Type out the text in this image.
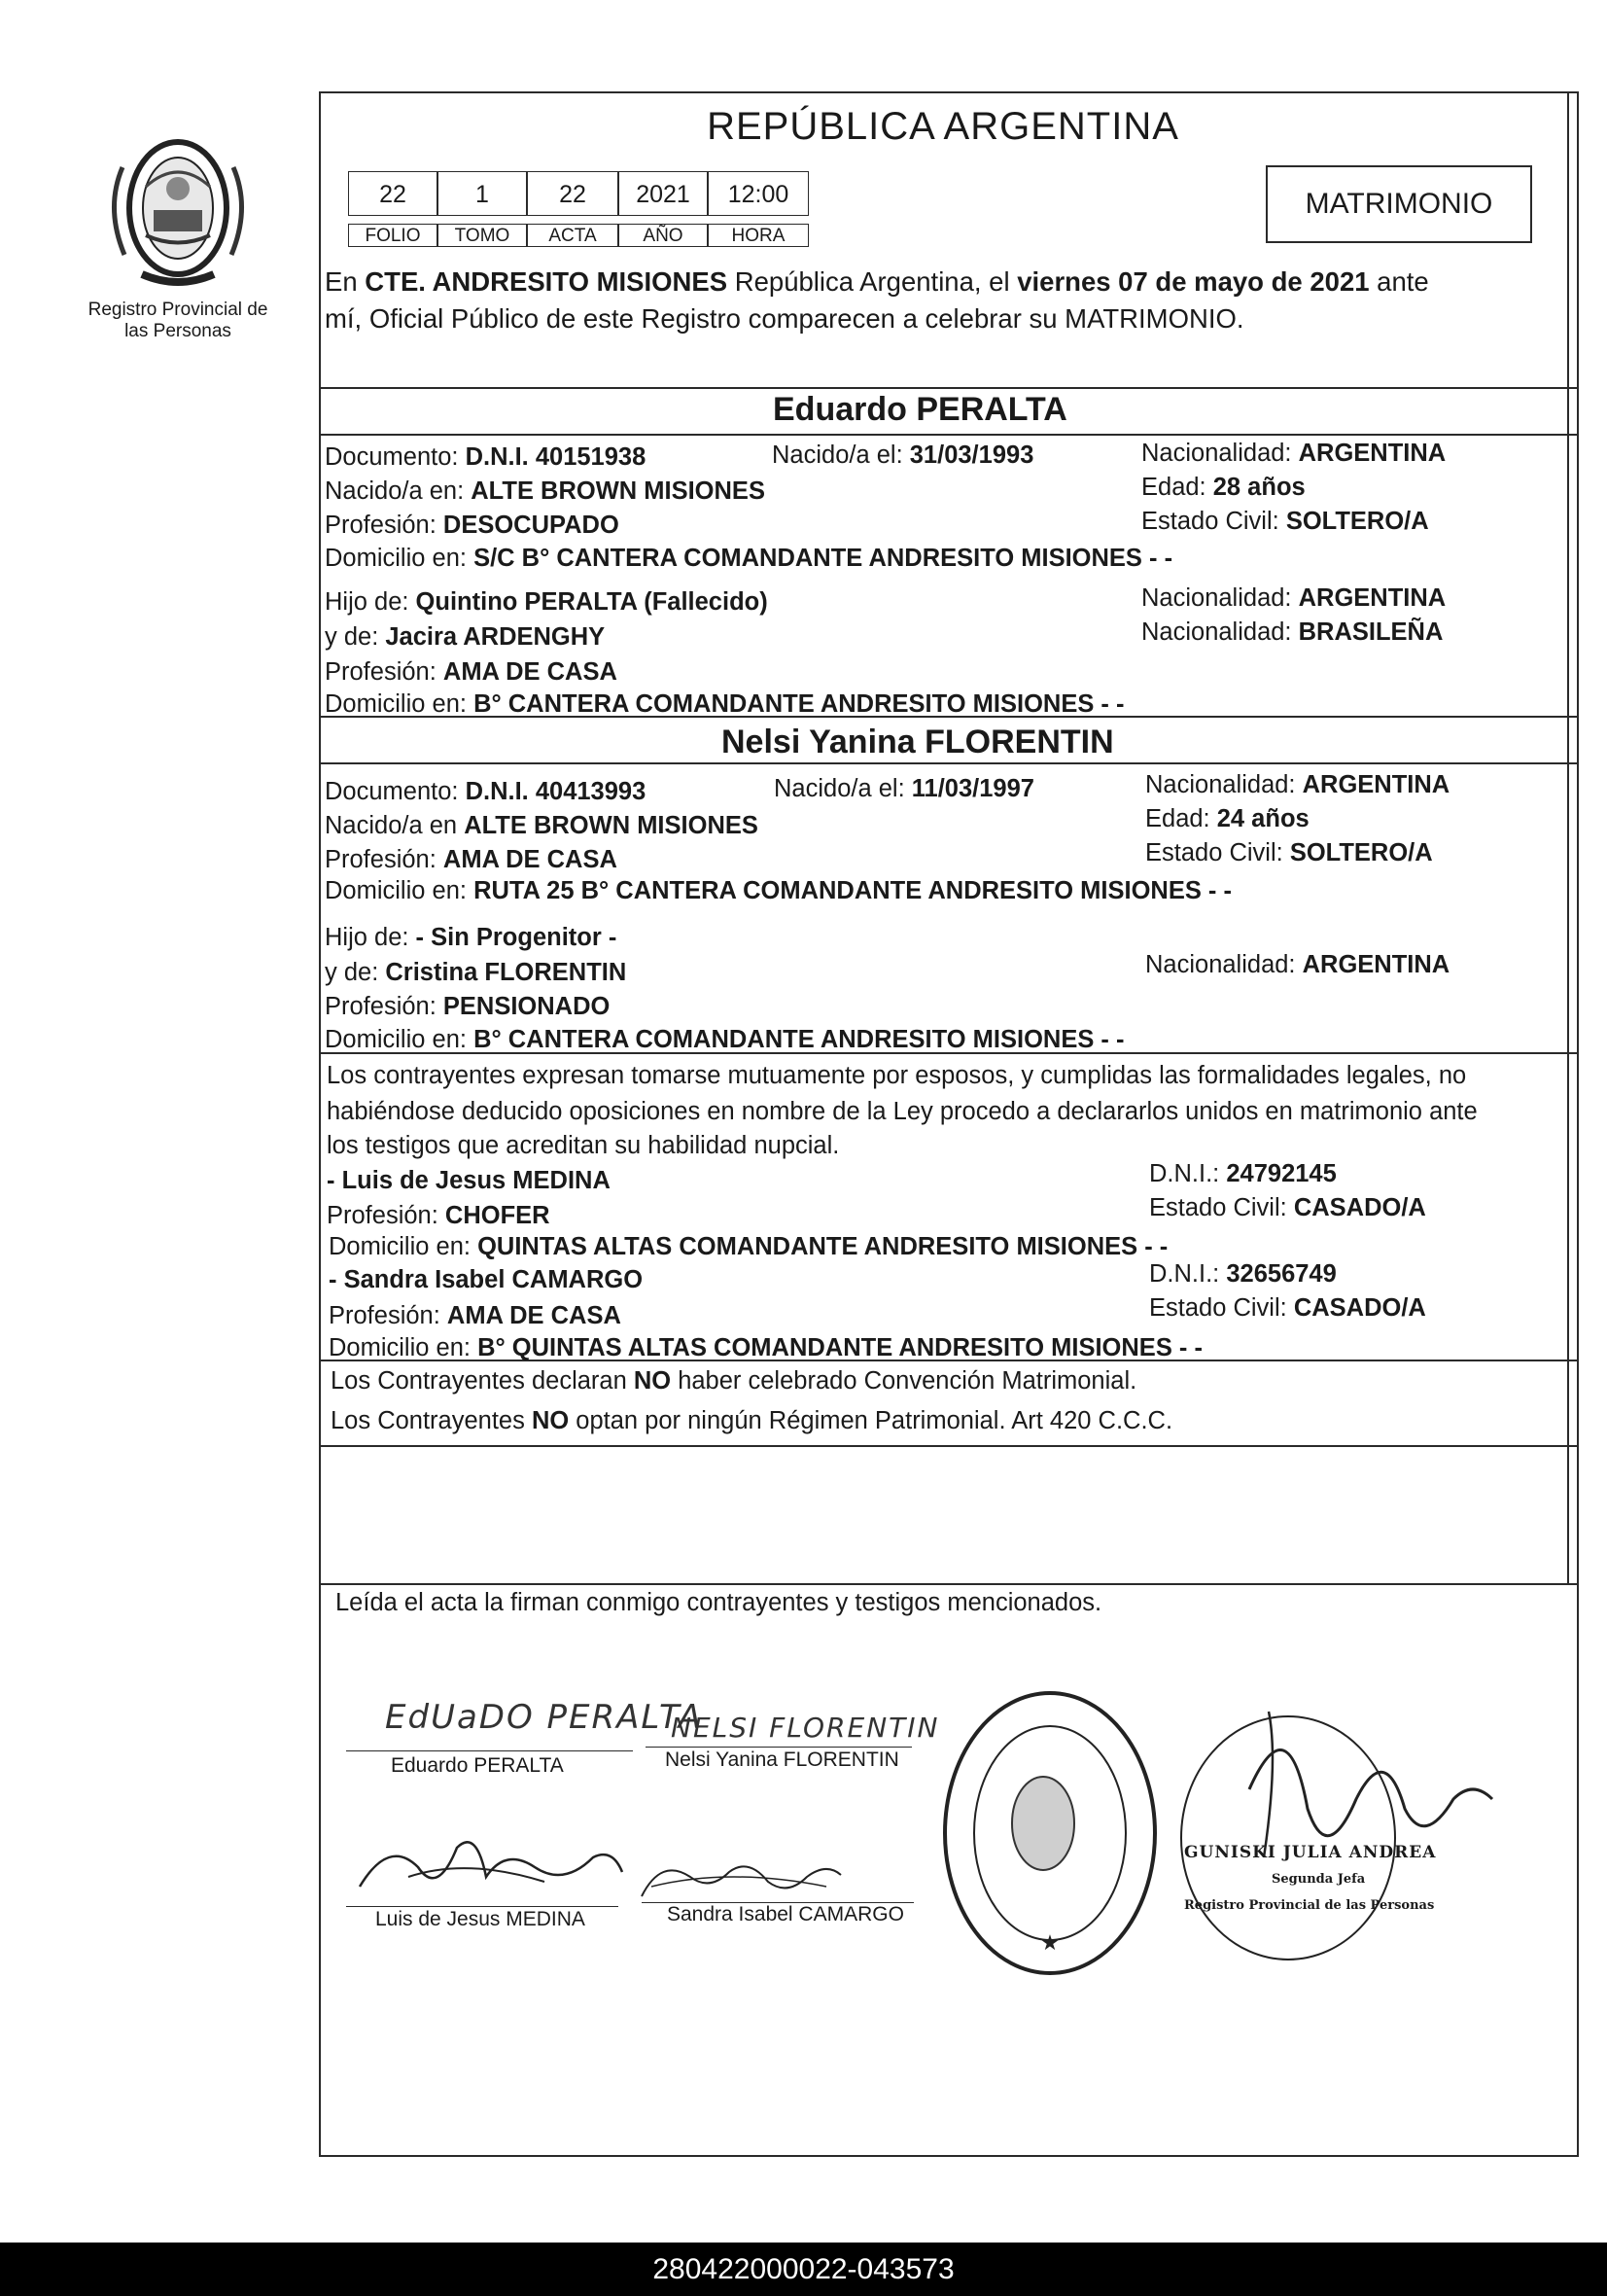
Registro Provincial de las Personas
REPÚBLICA ARGENTINA
22	1	22	2021	12:00
FOLIO	TOMO	ACTA	AÑO	HORA
MATRIMONIO
En CTE. ANDRESITO MISIONES República Argentina, el viernes 07 de mayo de 2021 ante
mí, Oficial Público de este Registro comparecen a celebrar su MATRIMONIO.
Eduardo PERALTA
Documento: D.N.I. 40151938	Nacido/a el: 31/03/1993	Nacionalidad: ARGENTINA
Nacido/a en: ALTE BROWN MISIONES	Edad: 28 años
Profesión: DESOCUPADO	Estado Civil: SOLTERO/A
Domicilio en: S/C B° CANTERA COMANDANTE ANDRESITO MISIONES - -
Hijo de: Quintino PERALTA (Fallecido)	Nacionalidad: ARGENTINA
y de: Jacira ARDENGHY	Nacionalidad: BRASILEÑA
Profesión: AMA DE CASA
Domicilio en: B° CANTERA COMANDANTE ANDRESITO MISIONES - -
Nelsi Yanina FLORENTIN
Documento: D.N.I. 40413993	Nacido/a el: 11/03/1997	Nacionalidad: ARGENTINA
Nacido/a en ALTE BROWN MISIONES	Edad: 24 años
Profesión: AMA DE CASA	Estado Civil: SOLTERO/A
Domicilio en: RUTA 25 B° CANTERA COMANDANTE ANDRESITO MISIONES - -
Hijo de: - Sin Progenitor -
y de: Cristina FLORENTIN	Nacionalidad: ARGENTINA
Profesión: PENSIONADO
Domicilio en: B° CANTERA COMANDANTE ANDRESITO MISIONES - -
Los contrayentes expresan tomarse mutuamente por esposos, y cumplidas las formalidades legales, no
habiéndose deducido oposiciones en nombre de la Ley procedo a declararlos unidos en matrimonio ante
los testigos que acreditan su habilidad nupcial.
- Luis de Jesus MEDINA	D.N.I.: 24792145
Profesión: CHOFER	Estado Civil: CASADO/A
Domicilio en: QUINTAS ALTAS COMANDANTE ANDRESITO MISIONES - -
- Sandra Isabel CAMARGO	D.N.I.: 32656749
Profesión: AMA DE CASA	Estado Civil: CASADO/A
Domicilio en: B° QUINTAS ALTAS COMANDANTE ANDRESITO MISIONES - -
Los Contrayentes declaran NO haber celebrado Convención Matrimonial.
Los Contrayentes NO optan por ningún Régimen Patrimonial. Art 420 C.C.C.
Leída el acta la firman conmigo contrayentes y testigos mencionados.
EdUaDO PERALTA
Eduardo PERALTA
NELSI FLORENTIN
Nelsi Yanina FLORENTIN
Luis de Jesus MEDINA	Sandra Isabel CAMARGO
★
GUNISKI JULIA ANDREA
Segunda Jefa
Registro Provincial de las Personas
280422000022-043573
